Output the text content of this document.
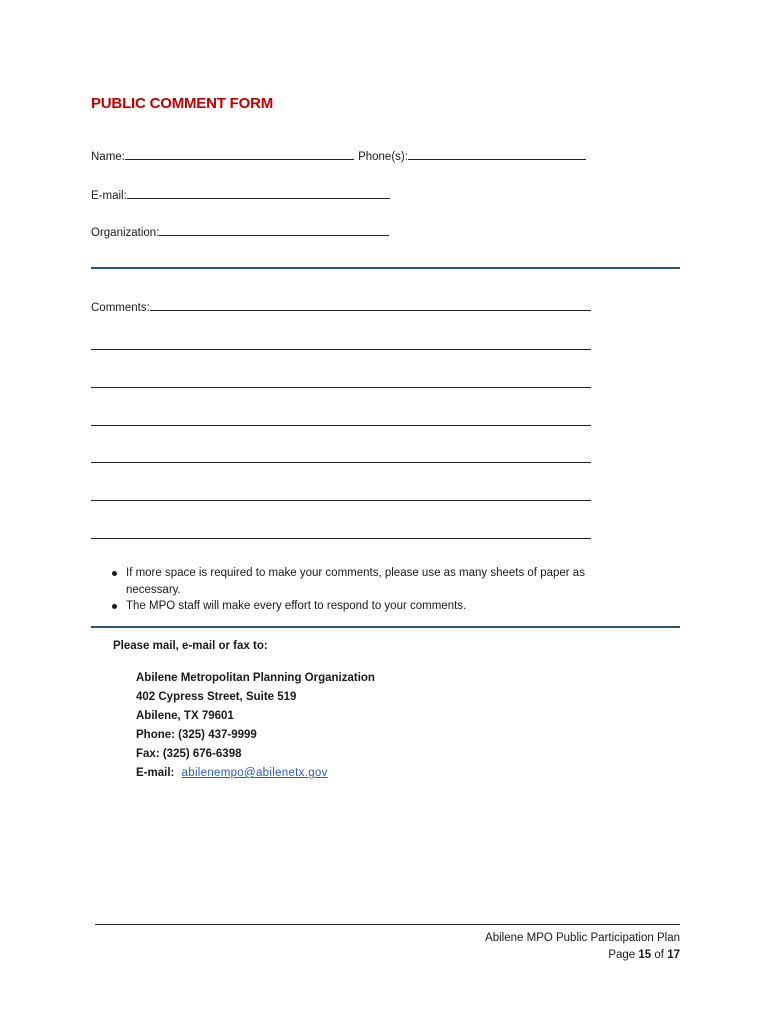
PUBLIC COMMENT FORM
Name:	Phone(s):
E-mail:
Organization:
Comments:
If more space is required to make your comments, please use as many sheets of paper as necessary.
The MPO staff will make every effort to respond to your comments.
Please mail, e-mail or fax to:
Abilene Metropolitan Planning Organization
402 Cypress Street, Suite 519
Abilene, TX 79601
Phone: (325) 437-9999
Fax: (325) 676-6398
E-mail: abilenempo@abilenetx.gov
Abilene MPO Public Participation Plan
Page 15 of 17
